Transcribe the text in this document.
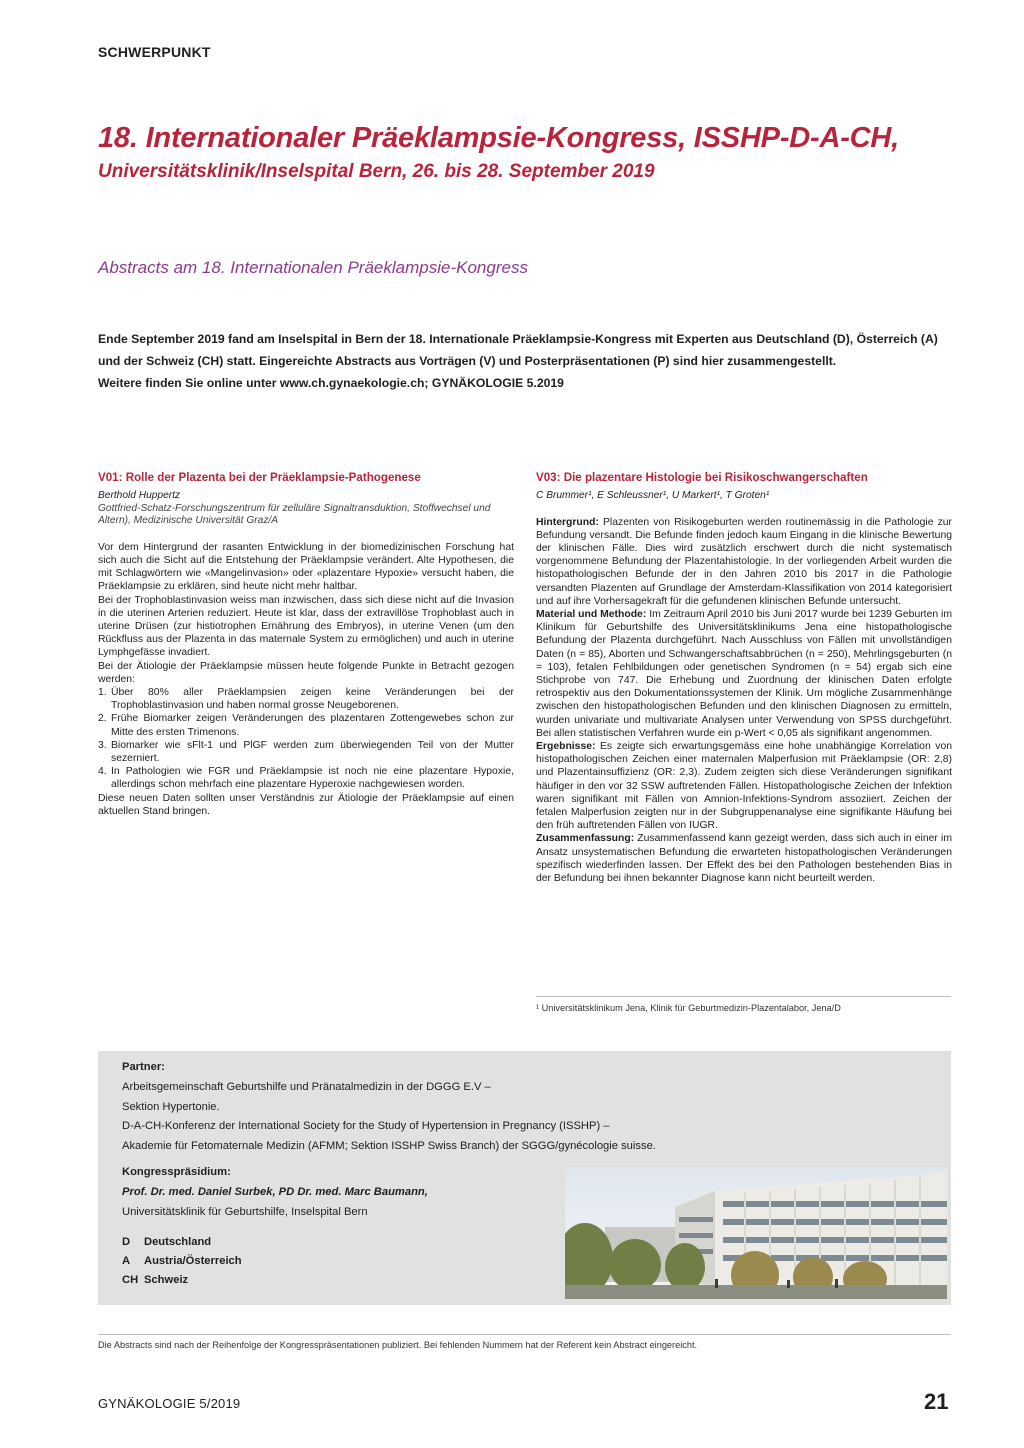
SCHWERPUNKT
18. Internationaler Präeklampsie-Kongress, ISSHP-D-A-CH,
Universitätsklinik/Inselspital Bern, 26. bis 28. September 2019
Abstracts am 18. Internationalen Präeklampsie-Kongress

Ende September 2019 fand am Inselspital in Bern der 18. Internationale Präeklampsie-Kongress mit Experten aus Deutschland (D), Österreich (A) und der Schweiz (CH) statt. Eingereichte Abstracts aus Vorträgen (V) und Posterpräsentationen (P) sind hier zusammengestellt.

Weitere finden Sie online unter www.ch.gynaekologie.ch; GYNÄKOLOGIE 5.2019

V01: Rolle der Plazenta bei der Präeklampsie-Pathogenese
Berthold Huppertz
Gottfried-Schatz-Forschungszentrum für zelluläre Signaltransduktion, Stoffwechsel und Altern), Medizinische Universität Graz/A

Vor dem Hintergrund der rasanten Entwicklung in der biomedizinischen Forschung hat sich auch die Sicht auf die Entstehung der Präeklampsie verändert. Alte Hypothesen, die mit Schlagwörtern wie «Mangelinvasion» oder «plazentare Hypoxie» versucht haben, die Präeklampsie zu erklären, sind heute nicht mehr haltbar.

Bei der Trophoblastinvasion weiss man inzwischen, dass sich diese nicht auf die Invasion in die uterinen Arterien reduziert. Heute ist klar, dass der extravillöse Trophoblast auch in uterine Drüsen (zur histiotrophen Ernährung des Embryos), in uterine Venen (um den Rückfluss aus der Plazenta in das maternale System zu ermöglichen) und auch in uterine Lymphgefässe invadiert.

Bei der Ätiologie der Präeklampsie müssen heute folgende Punkte in Betracht gezogen werden:

1. Über 80% aller Präeklampsien zeigen keine Veränderungen bei der Trophoblastinvasion und haben normal grosse Neugeborenen.
2. Frühe Biomarker zeigen Veränderungen des plazentaren Zottengewebes schon zur Mitte des ersten Trimenons.
3. Biomarker wie sFlt-1 und PlGF werden zum überwiegenden Teil von der Mutter sezerniert.
4. In Pathologien wie FGR und Präeklampsie ist noch nie eine plazentare Hypoxie, allerdings schon mehrfach eine plazentare Hyperoxie nachgewiesen worden.

Diese neuen Daten sollten unser Verständnis zur Ätiologie der Präeklampsie auf einen aktuellen Stand bringen.

V03: Die plazentare Histologie bei Risikoschwangerschaften
C Brummer¹, E Schleussner¹, U Markert¹, T Groten¹

Hintergrund: Plazenten von Risikogeburten werden routinemässig in die Pathologie zur Befundung versandt. Die Befunde finden jedoch kaum Eingang in die klinische Bewertung der klinischen Fälle. Dies wird zusätzlich erschwert durch die nicht systematisch vorgenommene Befundung der Plazentahistologie. In der vorliegenden Arbeit wurden die histopathologischen Befunde der in den Jahren 2010 bis 2017 in die Pathologie versandten Plazenten auf Grundlage der Amsterdam-Klassifikation von 2014 kategorisiert und auf ihre Vorhersagekraft für die gefundenen klinischen Befunde untersucht.

Material und Methode: Im Zeitraum April 2010 bis Juni 2017 wurde bei 1239 Geburten im Klinikum für Geburtshilfe des Universitätsklinikums Jena eine histopathologische Befundung der Plazenta durchgeführt. Nach Ausschluss von Fällen mit unvollständigen Daten (n = 85), Aborten und Schwangerschaftsabbrüchen (n = 250), Mehrlingsgeburten (n = 103), fetalen Fehlbildungen oder genetischen Syndromen (n = 54) ergab sich eine Stichprobe von 747. Die Erhebung und Zuordnung der klinischen Daten erfolgte retrospektiv aus den Dokumentationssystemen der Klinik. Um mögliche Zusammenhänge zwischen den histopathologischen Befunden und den klinischen Diagnosen zu ermitteln, wurden univariate und multivariate Analysen unter Verwendung von SPSS durchgeführt. Bei allen statistischen Verfahren wurde ein p-Wert < 0,05 als signifikant angenommen.

Ergebnisse: Es zeigte sich erwartungsgemäss eine hohe unabhängige Korrelation von histopathologischen Zeichen einer maternalen Malperfusion mit Präeklampsie (OR: 2,8) und Plazentainsuffizienz (OR: 2,3). Zudem zeigten sich diese Veränderungen signifikant häufiger in den vor 32 SSW auftretenden Fällen. Histopathologische Zeichen der Infektion waren signifikant mit Fällen von Amnion-Infektions-Syndrom assoziiert. Zeichen der fetalen Malperfusion zeigten nur in der Subgruppenanalyse eine signifikante Häufung bei den früh auftretenden Fällen von IUGR.

Zusammenfassung: Zusammenfassend kann gezeigt werden, dass sich auch in einer im Ansatz unsystematischen Befundung die erwarteten histopathologischen Veränderungen spezifisch wiederfinden lassen. Der Effekt des bei den Pathologen bestehenden Bias in der Befundung bei ihnen bekannter Diagnose kann nicht beurteilt werden.

¹ Universitätsklinikum Jena, Klinik für Geburtmedizin-Plazentalabor, Jena/D

Partner:

Arbeitsgemeinschaft Geburtshilfe und Pränatalmedizin in der DGGG E.V –

Sektion Hypertonie.

D-A-CH-Konferenz der International Society for the Study of Hypertension in Pregnancy (ISSHP) –

Akademie für Fetomaternale Medizin (AFMM; Sektion ISSHP Swiss Branch) der SGGG/gynécologie suisse.

Kongresspräsidium:

Prof. Dr. med. Daniel Surbek, PD Dr. med. Marc Baumann,

Universitätsklinik für Geburtshilfe, Inselspital Bern

D Deutschland
A Austria/Österreich
CH Schweiz
Die Abstracts sind nach der Reihenfolge der Kongresspräsentationen publiziert. Bei fehlenden Nummern hat der Referent kein Abstract eingereicht.
GYNÄKOLOGIE 5/2019	21
